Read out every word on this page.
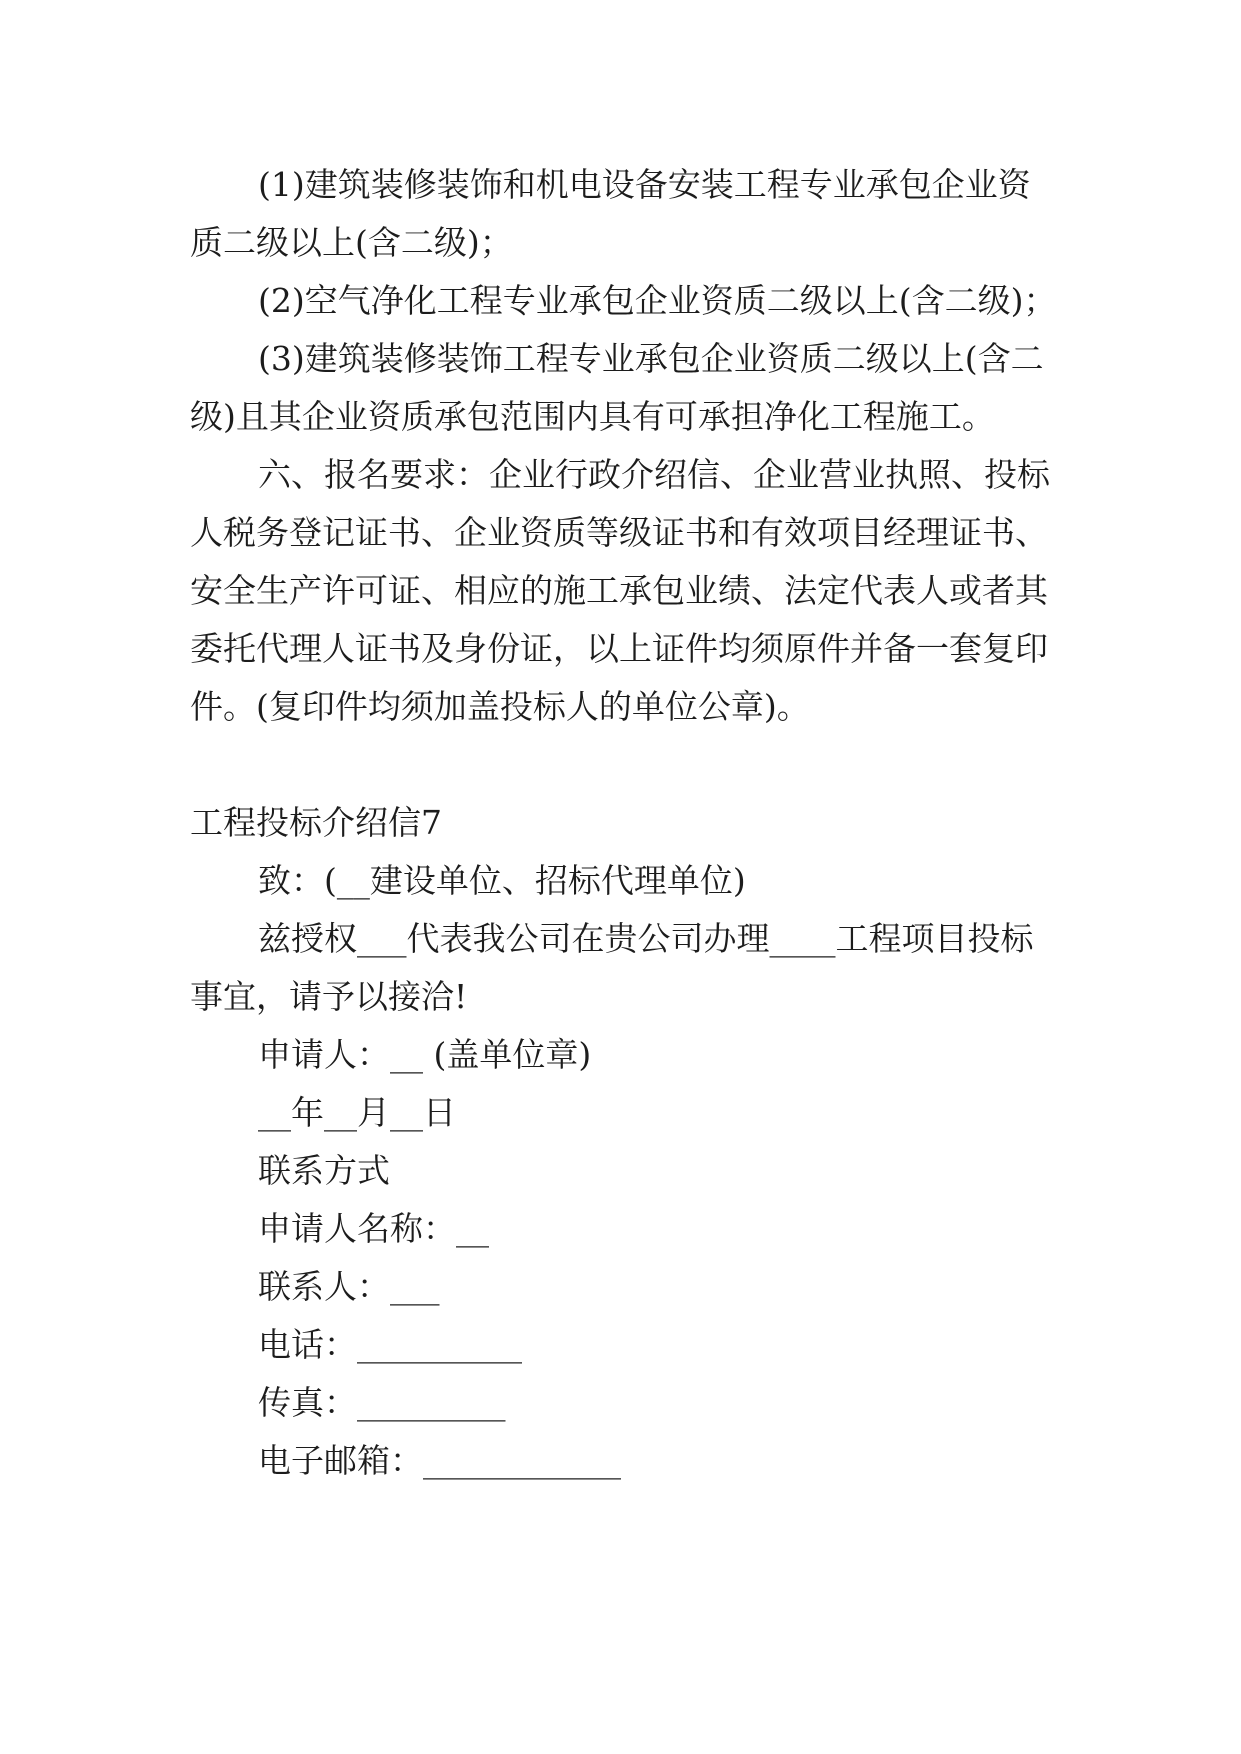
(1)建筑装修装饰和机电设备安装工程专业承包企业资
质二级以上(含二级)；
(2)空气净化工程专业承包企业资质二级以上(含二级)；
(3)建筑装修装饰工程专业承包企业资质二级以上(含二
级)且其企业资质承包范围内具有可承担净化工程施工。
六、报名要求：企业行政介绍信、企业营业执照、投标
人税务登记证书、企业资质等级证书和有效项目经理证书、
安全生产许可证、相应的施工承包业绩、法定代表人或者其
委托代理人证书及身份证，以上证件均须原件并备一套复印
件。(复印件均须加盖投标人的单位公章)。
工程投标介绍信7
致：(__建设单位、招标代理单位)
兹授权___代表我公司在贵公司办理____工程项目投标
事宜，请予以接洽!
申请人：__ (盖单位章)
__年__月__日
联系方式
申请人名称：__
联系人：___
电话：__________
传真：_________
电子邮箱：____________
